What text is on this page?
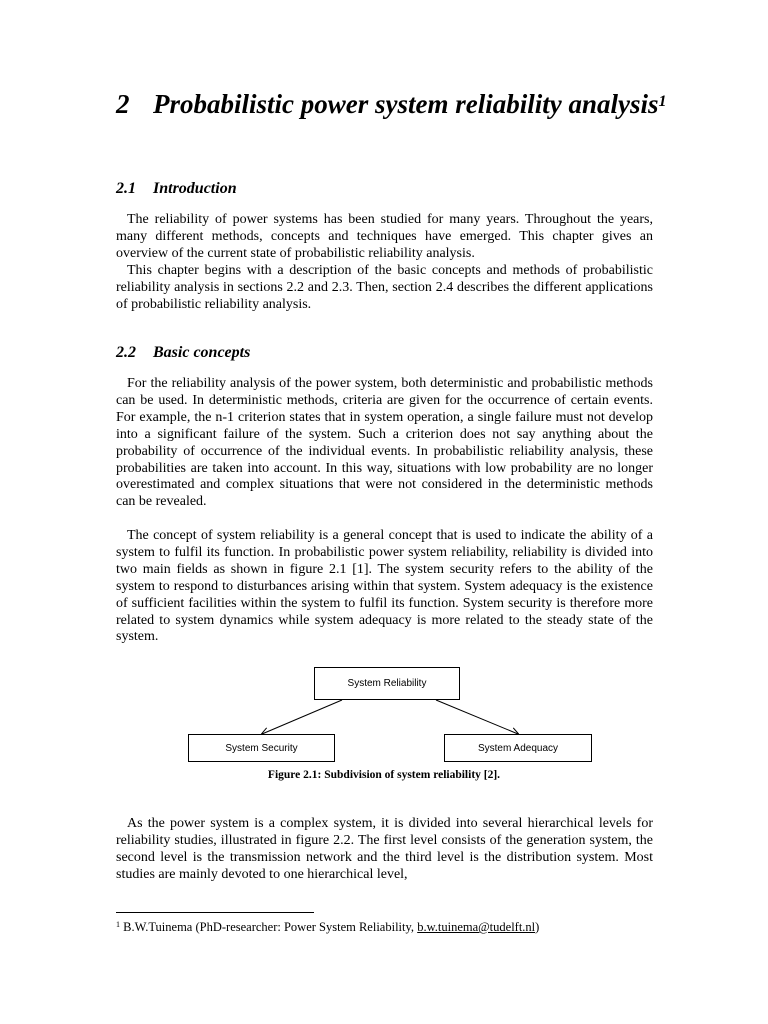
2 Probabilistic power system reliability analysis$^1$
2.1 Introduction

The reliability of power systems has been studied for many years. Throughout the years, many different methods, concepts and techniques have emerged. This chapter gives an overview of the current state of probabilistic reliability analysis.

This chapter begins with a description of the basic concepts and methods of probabilistic reliability analysis in sections 2.2 and 2.3. Then, section 2.4 describes the different applications of probabilistic reliability analysis.

2.2 Basic concepts

For the reliability analysis of the power system, both deterministic and probabilistic methods can be used. In deterministic methods, criteria are given for the occurrence of certain events. For example, the n-1 criterion states that in system operation, a single failure must not develop into a significant failure of the system. Such a criterion does not say anything about the probability of occurrence of the individual events. In probabilistic reliability analysis, these probabilities are taken into account. In this way, situations with low probability are no longer overestimated and complex situations that were not considered in the deterministic methods can be revealed.

The concept of system reliability is a general concept that is used to indicate the ability of a system to fulfil its function. In probabilistic power system reliability, reliability is divided into two main fields as shown in figure 2.1 [1]. The system security refers to the ability of the system to respond to disturbances arising within that system. System adequacy is the existence of sufficient facilities within the system to fulfil its function. System security is therefore more related to system dynamics while system adequacy is more related to the steady state of the system.

System Reliability
System Security	System Adequacy

Figure 2.1: Subdivision of system reliability [2].

As the power system is a complex system, it is divided into several hierarchical levels for reliability studies, illustrated in figure 2.2. The first level consists of the generation system, the second level is the transmission network and the third level is the distribution system. Most studies are mainly devoted to one hierarchical level,

$^1$ B.W.Tuinema (PhD-researcher: Power System Reliability, b.w.tuinema@tudelft.nl)
